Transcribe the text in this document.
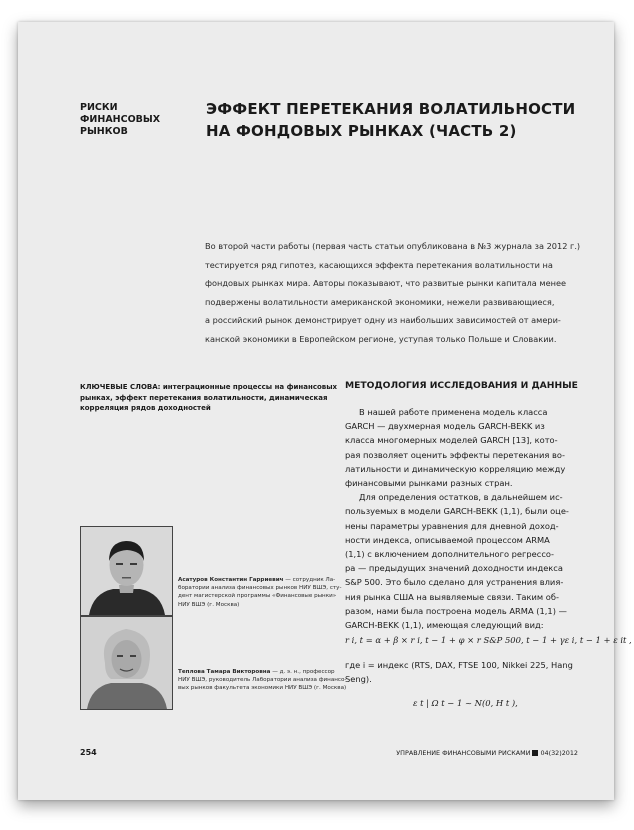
РИСКИ ФИНАНСОВЫХ
РЫНКОВ
ЭФФЕКТ ПЕРЕТЕКАНИЯ ВОЛАТИЛЬНОСТИ
НА ФОНДОВЫХ РЫНКАХ (ЧАСТЬ 2)
Во второй части работы (первая часть статьи опубликована в №3 журнала за 2012 г.)
тестируется ряд гипотез, касающихся эффекта перетекания волатильности на
фондовых рынках мира. Авторы показывают, что развитые рынки капитала менее
подвержены волатильности американской экономики, нежели развивающиеся,
а российский рынок демонстрирует одну из наибольших зависимостей от амери-
канской экономики в Европейском регионе, уступая только Польше и Словакии.
КЛЮЧЕВЫЕ СЛОВА: интеграционные процессы на финансовых
рынках, эффект перетекания волатильности, динамическая
корреляция рядов доходностей
МЕТОДОЛОГИЯ ИССЛЕДОВАНИЯ И ДАННЫЕ
В нашей работе применена модель класса
GARCH — двухмерная модель GARCH-BEKK из
класса многомерных моделей GARCH [13], кото-
рая позволяет оценить эффекты перетекания во-
латильности и динамическую корреляцию между
финансовыми рынками разных стран.
Для определения остатков, в дальнейшем ис-
пользуемых в модели GARCH-BEKK (1,1), были оце-
нены параметры уравнения для дневной доход-
ности индекса, описываемой процессом ARMA
(1,1) с включением дополнительного регрессо-
ра — предыдущих значений доходности индекса
S&P 500. Это было сделано для устранения влия-
ния рынка США на выявляемые связи. Таким об-
разом, нами была построена модель ARMA (1,1) —
GARCH-BEKK (1,1), имеющая следующий вид:
r i, t = α + β × r i, t − 1 + φ × r S&P 500, t − 1 + γε i, t − 1 + ε it ,
где i = индекс (RTS, DAX, FTSE 100, Nikkei 225, Hang
Seng).
ε t | Ω t − 1 ~ N(0, H t ),
Асатуров Константин Гарриевич — сотрудник Ла-
боратории анализа финансовых рынков НИУ ВШЭ, сту-
дент магистерской программы «Финансовые рынки»
НИУ ВШЭ (г. Москва)
Теплова Тамара Викторовна — д. э. н., профессор
НИУ ВШЭ, руководитель Лаборатории анализа финансо-
вых рынков факультета экономики НИУ ВШЭ (г. Москва)
254	УПРАВЛЕНИЕ ФИНАНСОВЫМИ РИСКАМИ 04(32)2012
